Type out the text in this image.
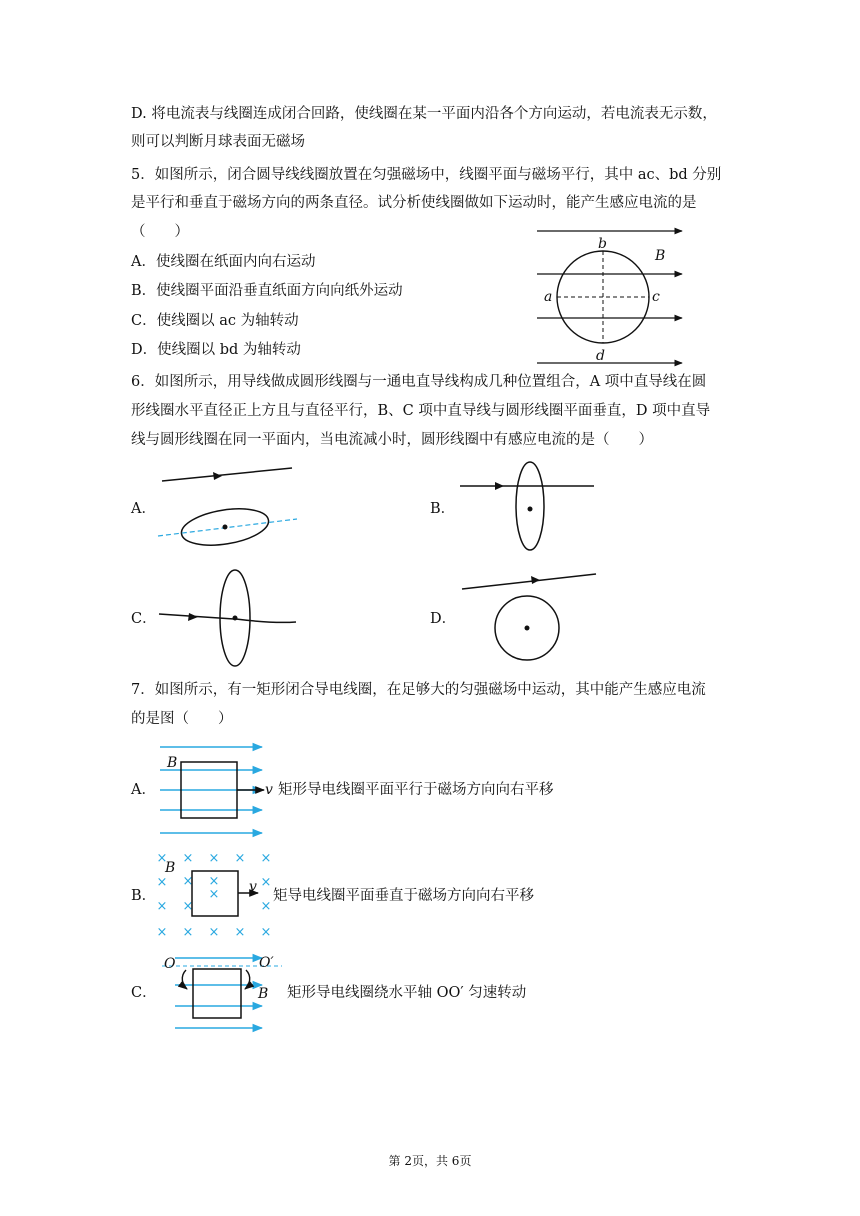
D. 将电流表与线圈连成闭合回路，使线圈在某一平面内沿各个方向运动，若电流表无示数，
则可以判断月球表面无磁场
5．如图所示，闭合圆导线线圈放置在匀强磁场中，线圈平面与磁场平行，其中 ac、bd 分别
是平行和垂直于磁场方向的两条直径。试分析使线圈做如下运动时，能产生感应电流的是
（　　）
A．使线圈在纸面内向右运动
B．使线圈平面沿垂直纸面方向向纸外运动
C．使线圈以 ac 为轴转动
D．使线圈以 bd 为轴转动
b
B
a	c
d
6．如图所示，用导线做成圆形线圈与一通电直导线构成几种位置组合，A 项中直导线在圆
形线圈水平直径正上方且与直径平行，B、C 项中直导线与圆形线圈平面垂直，D 项中直导
线与圆形线圈在同一平面内，当电流减小时，圆形线圈中有感应电流的是（　　）
A．	B．
C．	D．
7．如图所示，有一矩形闭合导电线圈，在足够大的匀强磁场中运动，其中能产生感应电流
的是图（　　）
A．
B．
C．
矩形导电线圈平面平行于磁场方向向右平移
矩导电线圈平面垂直于磁场方向向右平移
矩形导电线圈绕水平轴 OO′ 匀速转动
× × × × ×
×	×
×
×
×
×
×
×
× × × × ×
B
v
B
v
O	O′
B
第 2页，共 6页
